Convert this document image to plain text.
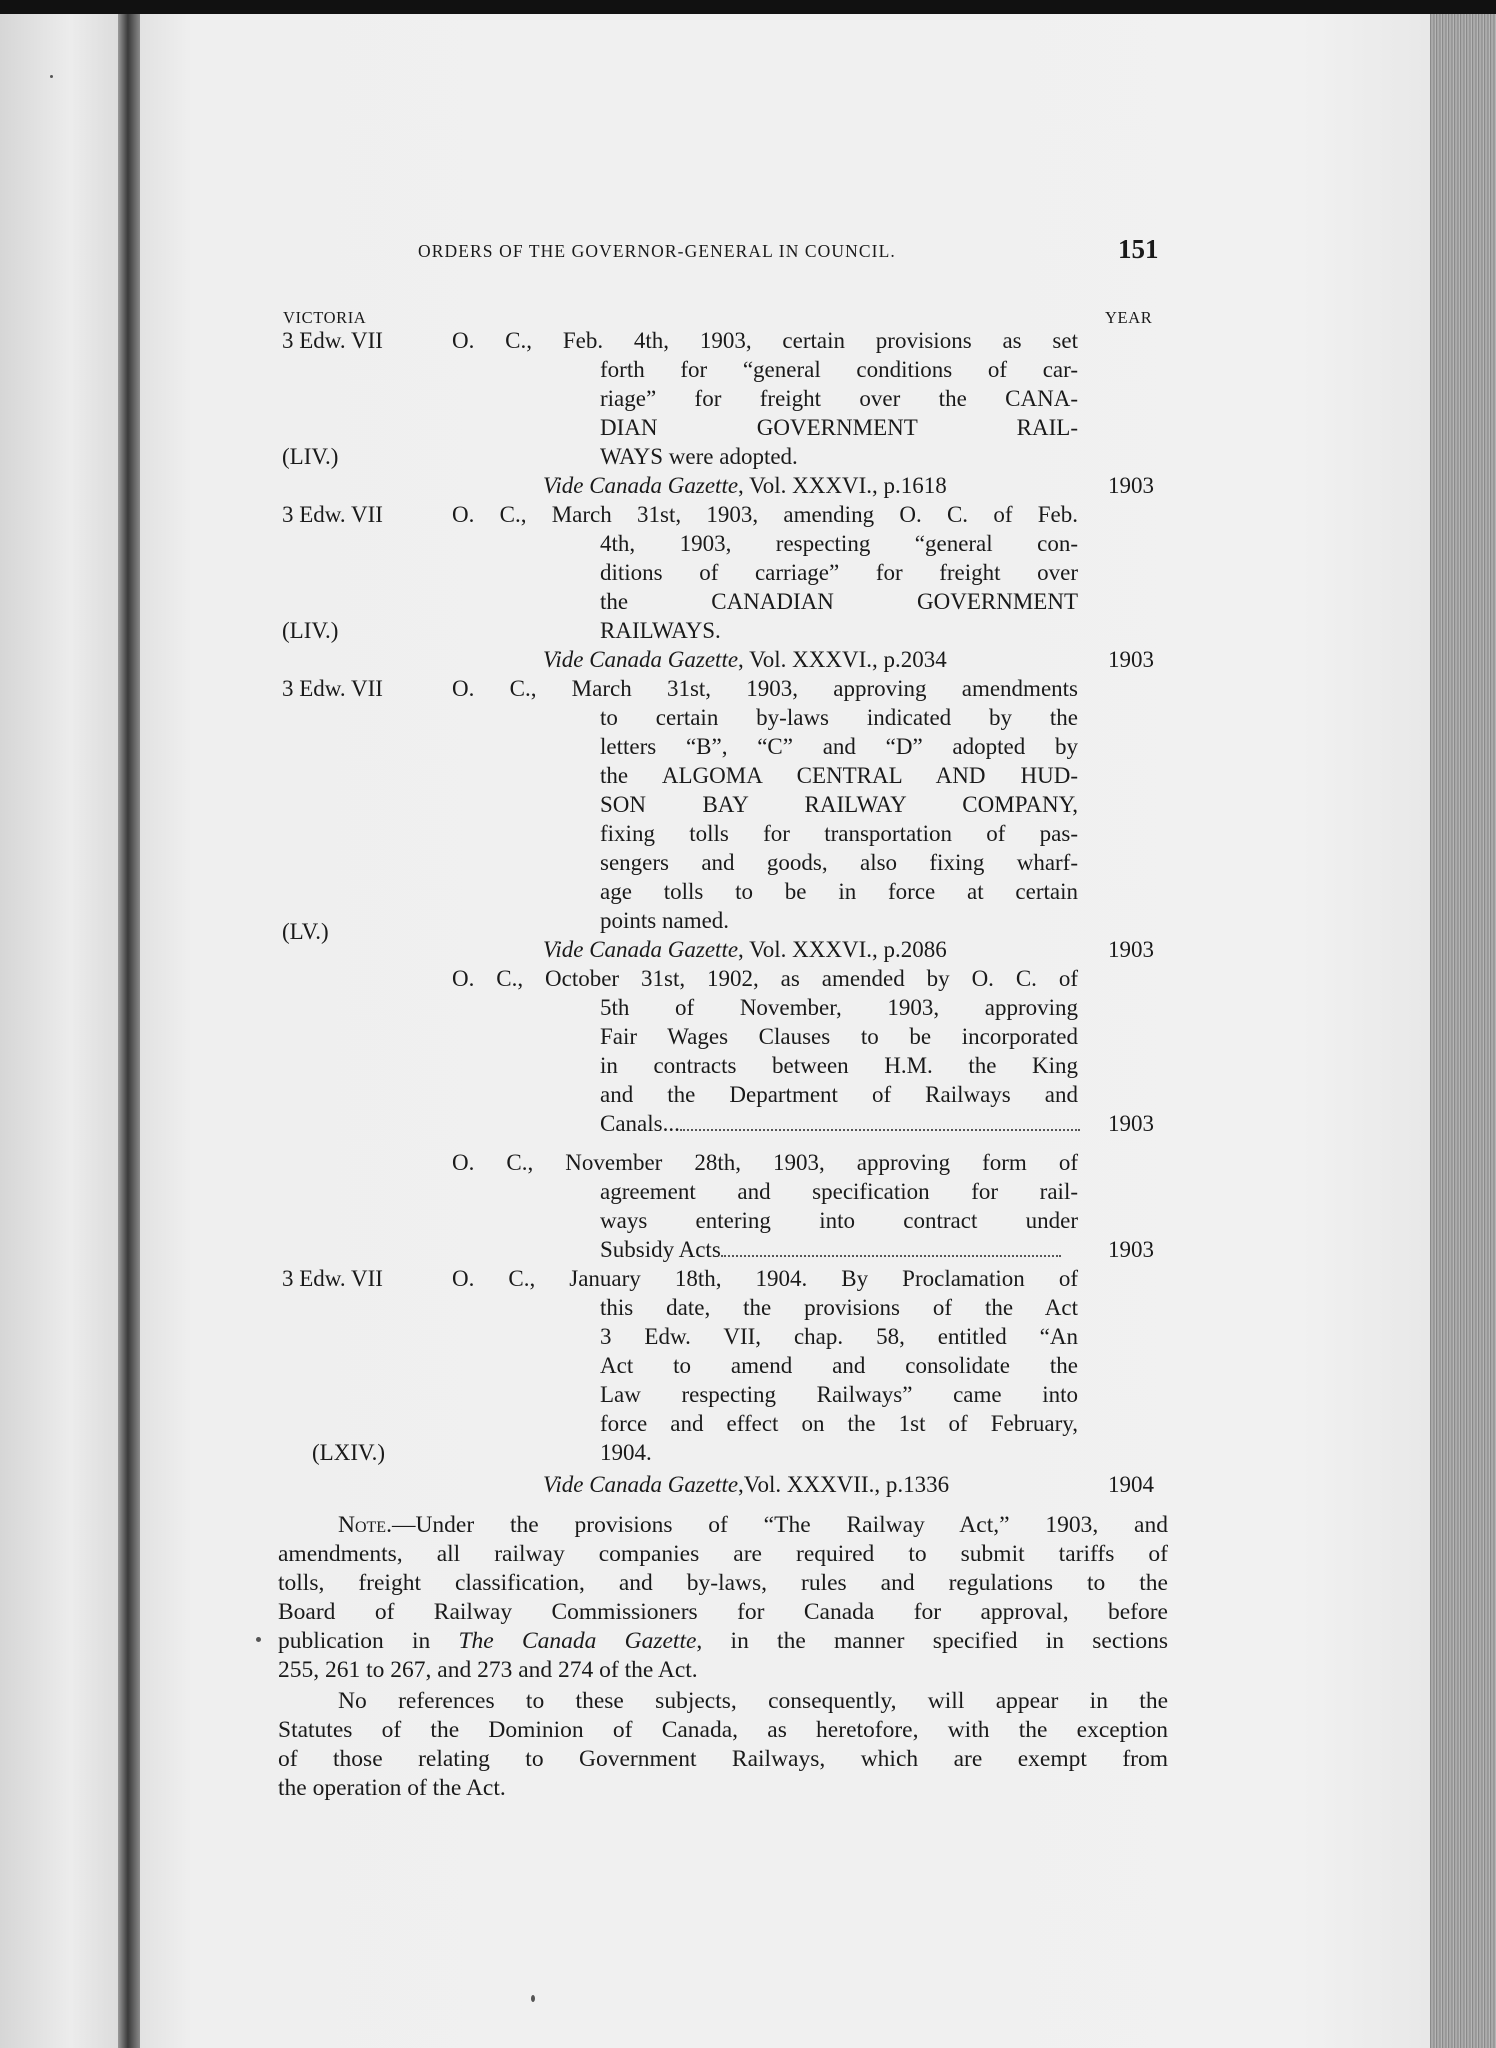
ORDERS OF THE GOVERNOR-GENERAL IN COUNCIL.	151
VICTORIA	YEAR
3 Edw. VII	O. C., Feb. 4th, 1903, certain provisions as set
forth for “general conditions of car-
riage” for freight over the CANA-
DIAN GOVERNMENT RAIL-
(LIV.)	WAYS were adopted.
Vide Canada Gazette, Vol. XXXVI., p.1618	1903
3 Edw. VII	O. C., March 31st, 1903, amending O. C. of Feb.
4th, 1903, respecting “general con-
ditions of carriage” for freight over
the CANADIAN GOVERNMENT
(LIV.)	RAILWAYS.
Vide Canada Gazette, Vol. XXXVI., p.2034	1903
3 Edw. VII	O. C., March 31st, 1903, approving amendments
to certain by-laws indicated by the
letters “B”, “C” and “D” adopted by
the ALGOMA CENTRAL AND HUD-
SON BAY RAILWAY COMPANY,
fixing tolls for transportation of pas-
sengers and goods, also fixing wharf-
age tolls to be in force at certain
(LV.)	points named.
Vide Canada Gazette, Vol. XXXVI., p.2086	1903
O. C., October 31st, 1902, as amended by O. C. of
5th of November, 1903, approving
Fair Wages Clauses to be incorporated
in contracts between H.M. the King
and the Department of Railways and
Canals...	1903
O. C., November 28th, 1903, approving form of
agreement and specification for rail-
ways entering into contract under
Subsidy Acts	1903
3 Edw. VII	O. C., January 18th, 1904. By Proclamation of
this date, the provisions of the Act
3 Edw. VII, chap. 58, entitled “An
Act to amend and consolidate the
Law respecting Railways” came into
force and effect on the 1st of February,
(LXIV.)	1904.
Vide Canada Gazette,Vol. XXXVII., p.1336	1904
Note.—Under the provisions of “The Railway Act,” 1903, and
amendments, all railway companies are required to submit tariffs of
tolls, freight classification, and by-laws, rules and regulations to the
Board of Railway Commissioners for Canada for approval, before
publication in The Canada Gazette, in the manner specified in sections
255, 261 to 267, and 273 and 274 of the Act.
No references to these subjects, consequently, will appear in the
Statutes of the Dominion of Canada, as heretofore, with the exception
of those relating to Government Railways, which are exempt from
the operation of the Act.
